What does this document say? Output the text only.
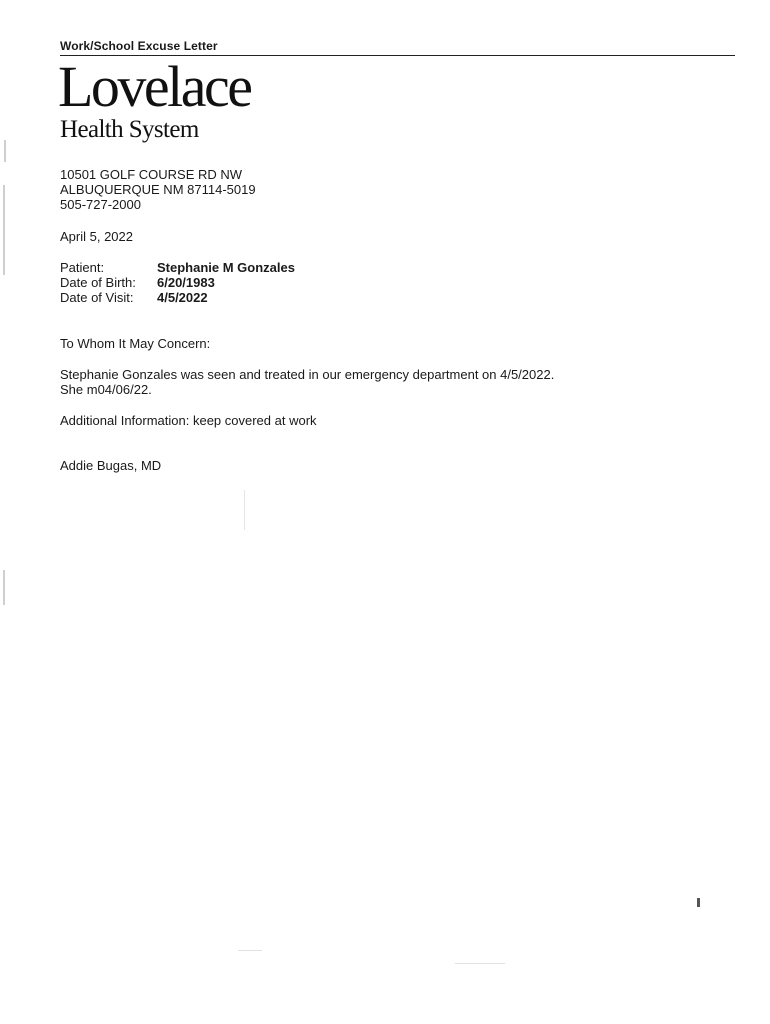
Work/School Excuse Letter
Lovelace
Health System
10501 GOLF COURSE RD NW
ALBUQUERQUE NM 87114-5019
505-727-2000
April 5, 2022
Patient:	Stephanie M Gonzales
Date of Birth: 6/20/1983
Date of Visit: 4/5/2022
To Whom It May Concern:
Stephanie Gonzales was seen and treated in our emergency department on 4/5/2022.
She m04/06/22.
Additional Information: keep covered at work
Addie Bugas, MD
